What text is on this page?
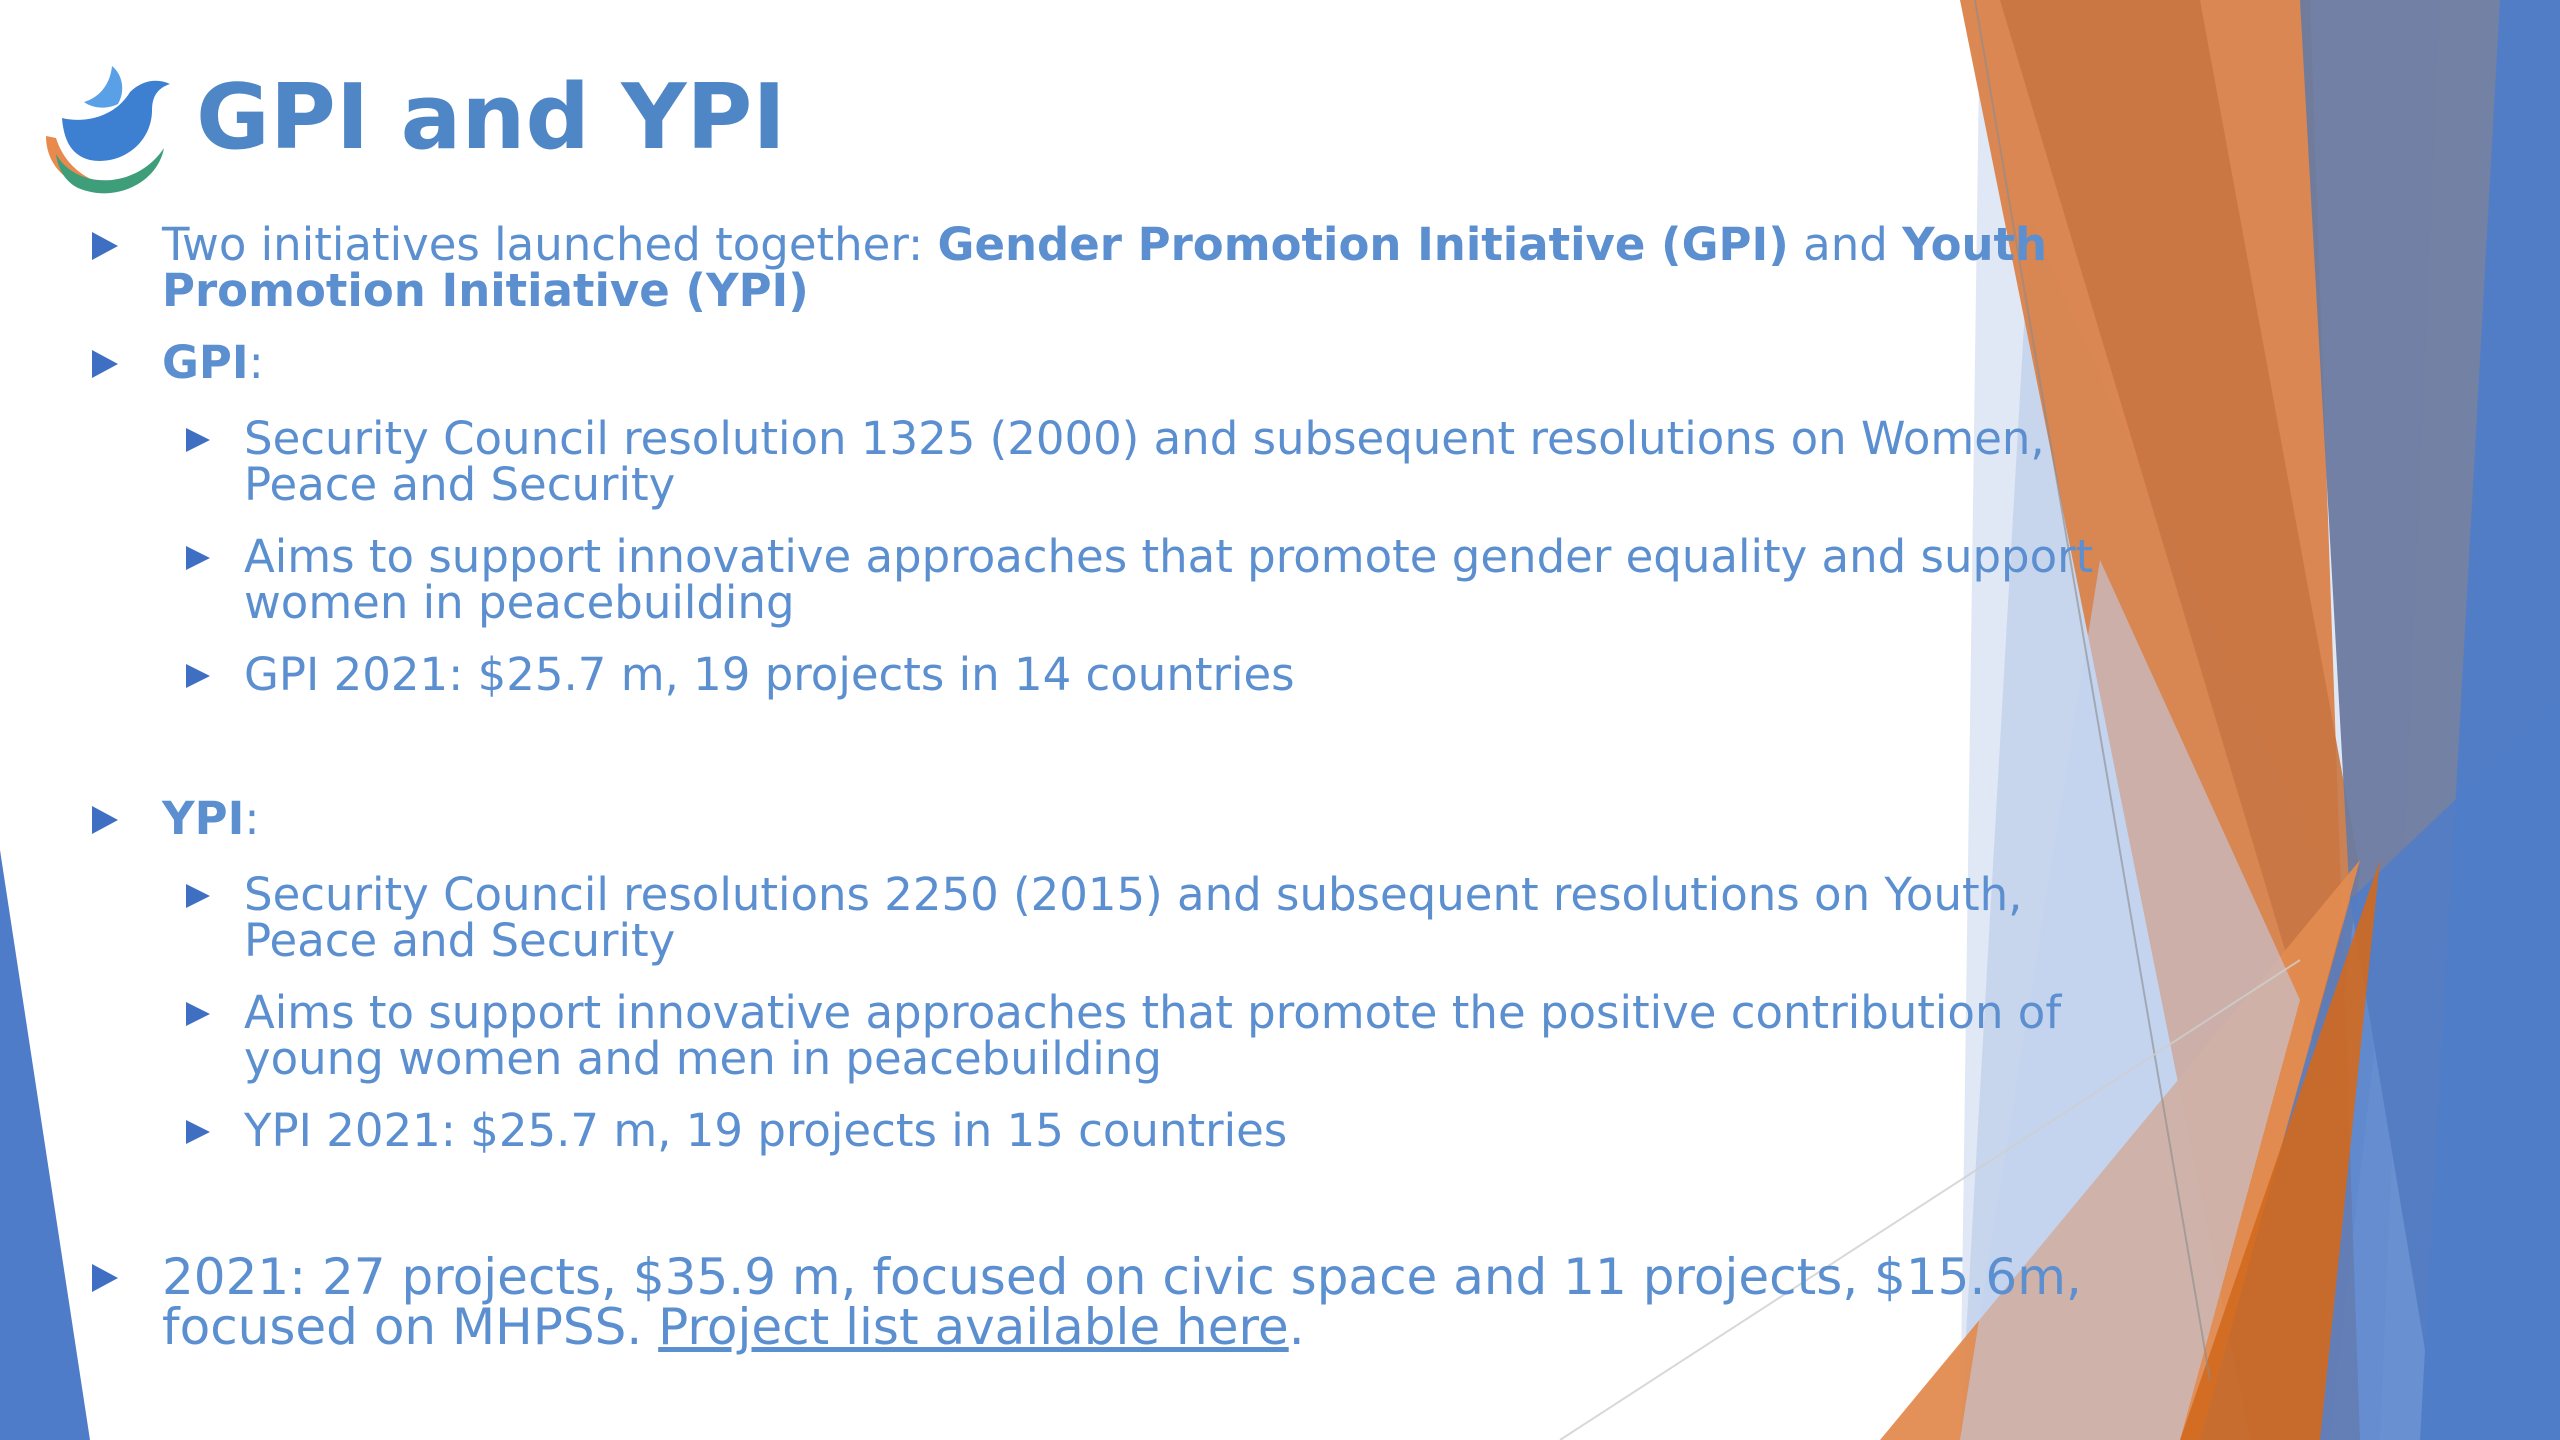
GPI and YPI
Two initiatives launched together: Gender Promotion Initiative (GPI) and Youth Promotion Initiative (YPI)
GPI:
Security Council resolution 1325 (2000) and subsequent resolutions on Women, Peace and Security
Aims to support innovative approaches that promote gender equality and support women in peacebuilding
GPI 2021: $25.7 m, 19 projects in 14 countries
YPI:
Security Council resolutions 2250 (2015) and subsequent resolutions on Youth, Peace and Security
Aims to support innovative approaches that promote the positive contribution of young women and men in peacebuilding
YPI 2021: $25.7 m, 19 projects in 15 countries
2021: 27 projects, $35.9 m, focused on civic space and 11 projects, $15.6m, focused on MHPSS. Project list available here.
